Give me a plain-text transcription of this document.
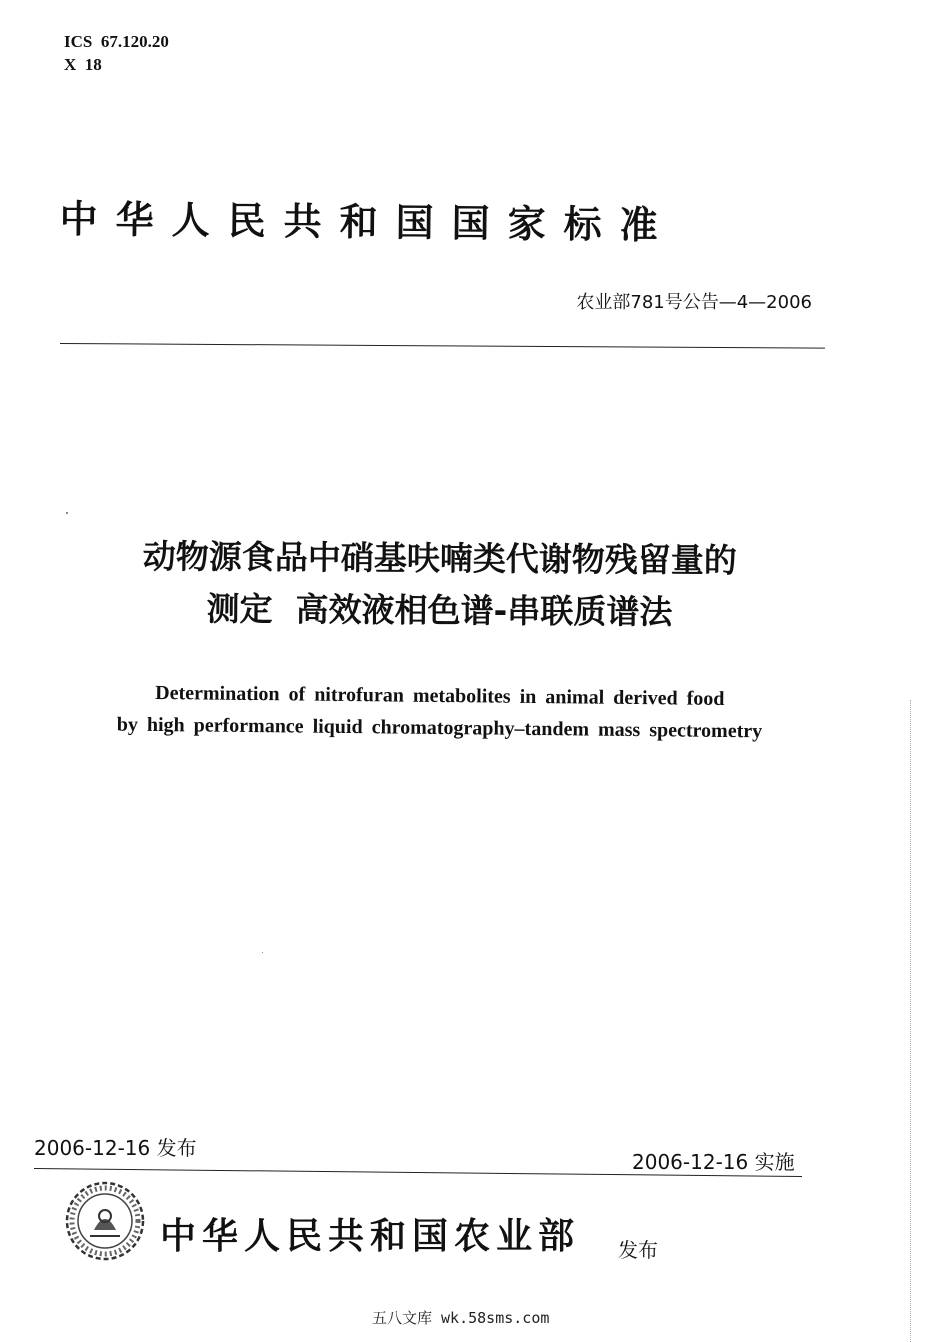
ICS 67.120.20
X 18
中华人民共和国国家标准
农业部781号公告—4—2006
动物源食品中硝基呋喃类代谢物残留量的
测定  高效液相色谱-串联质谱法
Determination of nitrofuran metabolites in animal derived food
by high performance liquid chromatography–tandem mass spectrometry
2006-12-16 发布
2006-12-16 实施
中华人民共和国农业部 发布
五八文库 wk.58sms.com
